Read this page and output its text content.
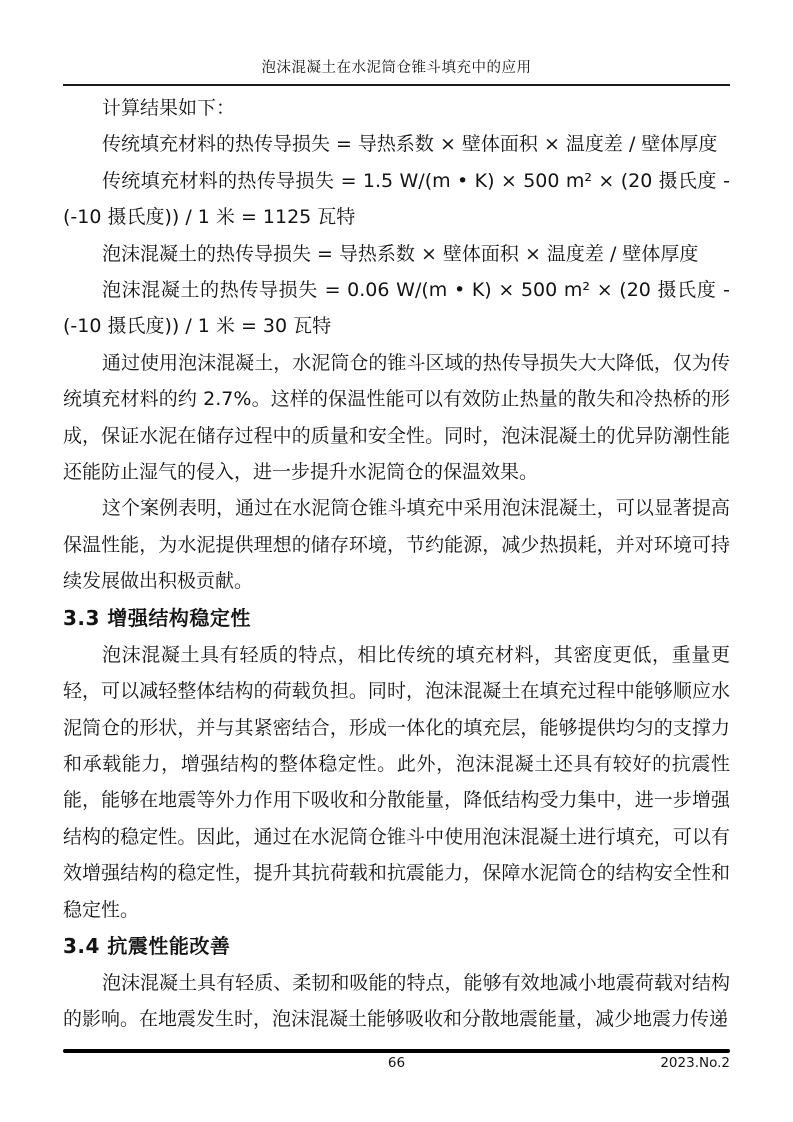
泡沫混凝土在水泥筒仓锥斗填充中的应用

计算结果如下：

传统填充材料的热传导损失 = 导热系数 × 壁体面积 × 温度差 / 壁体厚度

传统填充材料的热传导损失 = 1.5 W/(m • K) × 500 m² × (20 摄氏度 - (-10 摄氏度)) / 1 米 = 1125 瓦特

泡沫混凝土的热传导损失 = 导热系数 × 壁体面积 × 温度差 / 壁体厚度

泡沫混凝土的热传导损失 = 0.06 W/(m • K) × 500 m² × (20 摄氏度 - (-10 摄氏度)) / 1 米 = 30 瓦特

通过使用泡沫混凝土，水泥筒仓的锥斗区域的热传导损失大大降低，仅为传统填充材料的约 2.7%。这样的保温性能可以有效防止热量的散失和冷热桥的形成，保证水泥在储存过程中的质量和安全性。同时，泡沫混凝土的优异防潮性能还能防止湿气的侵入，进一步提升水泥筒仓的保温效果。

这个案例表明，通过在水泥筒仓锥斗填充中采用泡沫混凝土，可以显著提高保温性能，为水泥提供理想的储存环境，节约能源，减少热损耗，并对环境可持续发展做出积极贡献。

3.3 增强结构稳定性

泡沫混凝土具有轻质的特点，相比传统的填充材料，其密度更低，重量更轻，可以减轻整体结构的荷载负担。同时，泡沫混凝土在填充过程中能够顺应水泥筒仓的形状，并与其紧密结合，形成一体化的填充层，能够提供均匀的支撑力和承载能力，增强结构的整体稳定性。此外，泡沫混凝土还具有较好的抗震性能，能够在地震等外力作用下吸收和分散能量，降低结构受力集中，进一步增强结构的稳定性。因此，通过在水泥筒仓锥斗中使用泡沫混凝土进行填充，可以有效增强结构的稳定性，提升其抗荷载和抗震能力，保障水泥筒仓的结构安全性和稳定性。

3.4 抗震性能改善

泡沫混凝土具有轻质、柔韧和吸能的特点，能够有效地减小地震荷载对结构的影响。在地震发生时，泡沫混凝土能够吸收和分散地震能量，减少地震力传递

66	2023.No.2
